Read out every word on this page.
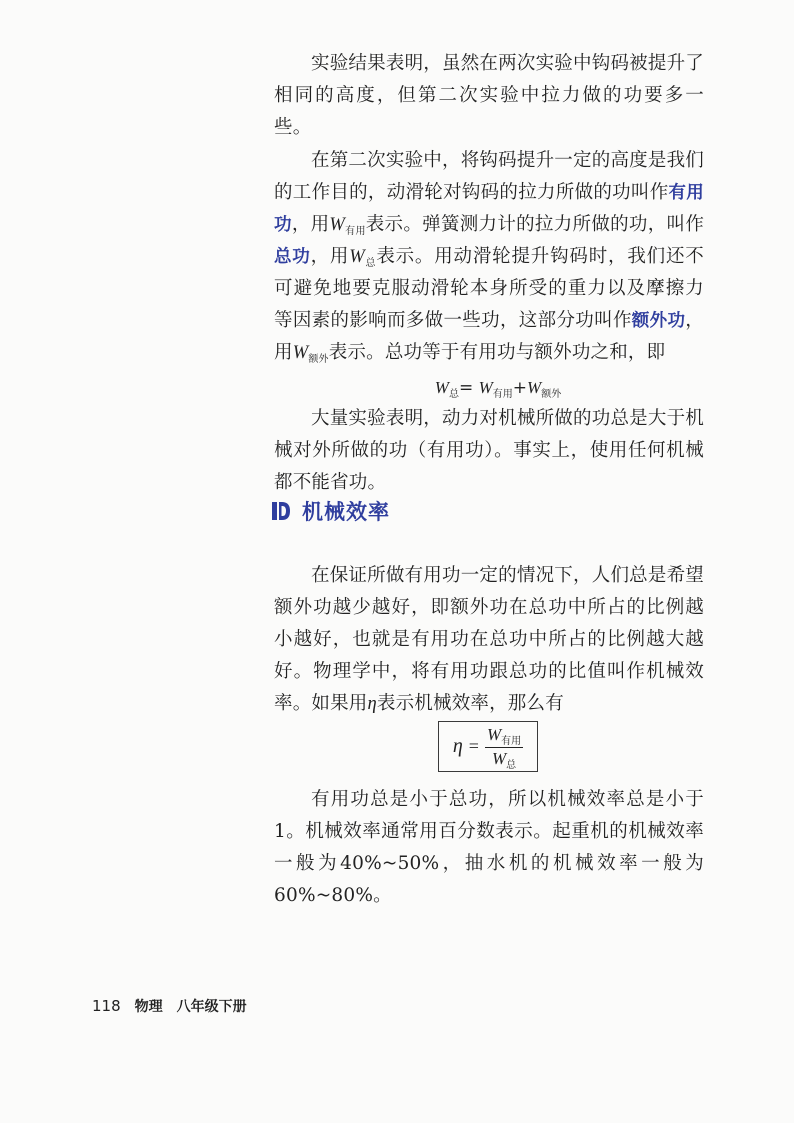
实验结果表明，虽然在两次实验中钩码被提升了相同的高度，但第二次实验中拉力做的功要多一些。

在第二次实验中，将钩码提升一定的高度是我们的工作目的，动滑轮对钩码的拉力所做的功叫作有用功，用$W_{有用}$表示。弹簧测力计的拉力所做的功，叫作总功，用$W_总$表示。用动滑轮提升钩码时，我们还不可避免地要克服动滑轮本身所受的重力以及摩擦力等因素的影响而多做一些功，这部分功叫作额外功，用$W_{额外}$表示。总功等于有用功与额外功之和，即

$W_总= W_{有用}+W_{额外}$

大量实验表明，动力对机械所做的功总是大于机械对外所做的功（有用功）。事实上，使用任何机械都不能省功。

机械效率

在保证所做有用功一定的情况下，人们总是希望额外功越少越好，即额外功在总功中所占的比例越小越好，也就是有用功在总功中所占的比例越大越好。物理学中，将有用功跟总功的比值叫作机械效率。如果用η表示机械效率，那么有

$\eta = \frac{W_{有用}}{W_总}$

有用功总是小于总功，所以机械效率总是小于1。机械效率通常用百分数表示。起重机的机械效率一般为40%~50%，抽水机的机械效率一般为60%~80%。

118 物理 八年级下册
